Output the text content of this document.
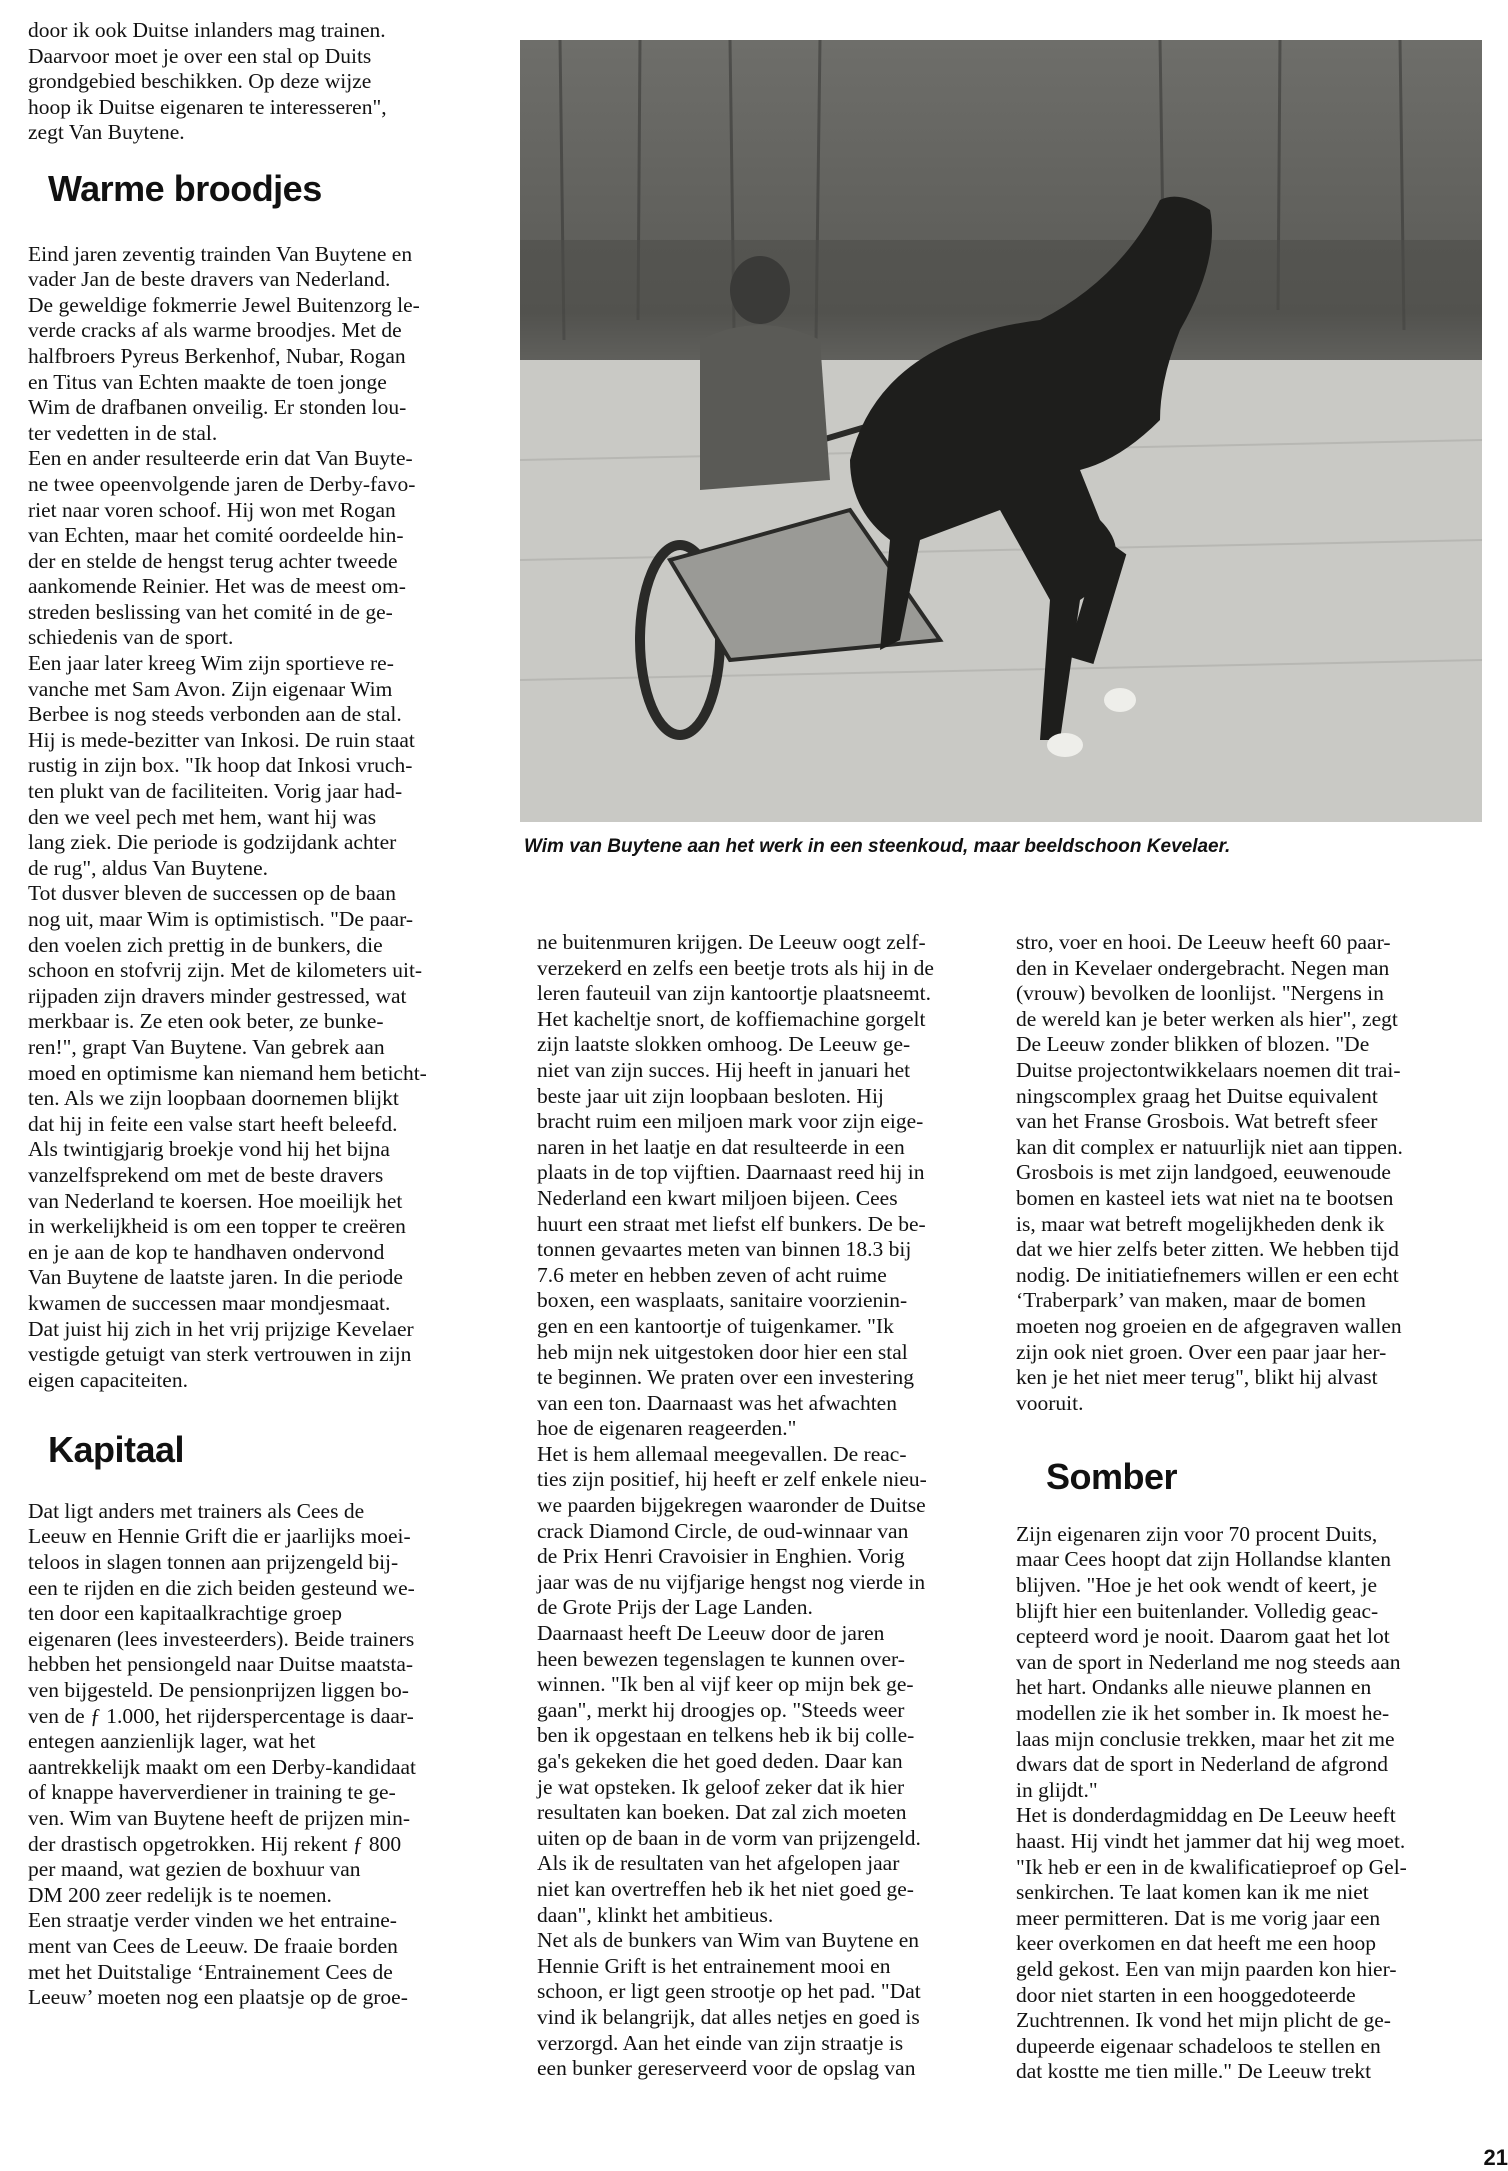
door ik ook Duitse inlanders mag trainen.

Daarvoor moet je over een stal op Duits

grondgebied beschikken. Op deze wijze

hoop ik Duitse eigenaren te interesseren",

zegt Van Buytene.

Warme broodjes

Eind jaren zeventig trainden Van Buytene en

vader Jan de beste dravers van Nederland.

De geweldige fokmerrie Jewel Buitenzorg le-

verde cracks af als warme broodjes. Met de

halfbroers Pyreus Berkenhof, Nubar, Rogan

en Titus van Echten maakte de toen jonge

Wim de drafbanen onveilig. Er stonden lou-

ter vedetten in de stal.

Een en ander resulteerde erin dat Van Buyte-

ne twee opeenvolgende jaren de Derby-favo-

riet naar voren schoof. Hij won met Rogan

van Echten, maar het comité oordeelde hin-

der en stelde de hengst terug achter tweede

aankomende Reinier. Het was de meest om-

streden beslissing van het comité in de ge-

schiedenis van de sport.

Een jaar later kreeg Wim zijn sportieve re-

vanche met Sam Avon. Zijn eigenaar Wim

Berbee is nog steeds verbonden aan de stal.

Hij is mede-bezitter van Inkosi. De ruin staat

rustig in zijn box. "Ik hoop dat Inkosi vruch-

ten plukt van de faciliteiten. Vorig jaar had-

den we veel pech met hem, want hij was

lang ziek. Die periode is godzijdank achter

de rug", aldus Van Buytene.

Tot dusver bleven de successen op de baan

nog uit, maar Wim is optimistisch. "De paar-

den voelen zich prettig in de bunkers, die

schoon en stofvrij zijn. Met de kilometers uit-

rijpaden zijn dravers minder gestressed, wat

merkbaar is. Ze eten ook beter, ze bunke-

ren!", grapt Van Buytene. Van gebrek aan

moed en optimisme kan niemand hem beticht-

ten. Als we zijn loopbaan doornemen blijkt

dat hij in feite een valse start heeft beleefd.

Als twintigjarig broekje vond hij het bijna

vanzelfsprekend om met de beste dravers

van Nederland te koersen. Hoe moeilijk het

in werkelijkheid is om een topper te creëren

en je aan de kop te handhaven ondervond

Van Buytene de laatste jaren. In die periode

kwamen de successen maar mondjesmaat.

Dat juist hij zich in het vrij prijzige Kevelaer

vestigde getuigt van sterk vertrouwen in zijn

eigen capaciteiten.

Kapitaal

Dat ligt anders met trainers als Cees de

Leeuw en Hennie Grift die er jaarlijks moei-

teloos in slagen tonnen aan prijzengeld bij-

een te rijden en die zich beiden gesteund we-

ten door een kapitaalkrachtige groep

eigenaren (lees investeerders). Beide trainers

hebben het pensiongeld naar Duitse maatsta-

ven bijgesteld. De pensionprijzen liggen bo-

ven de ƒ 1.000, het rijderspercentage is daar-

entegen aanzienlijk lager, wat het

aantrekkelijk maakt om een Derby-kandidaat

of knappe haververdiener in training te ge-

ven. Wim van Buytene heeft de prijzen min-

der drastisch opgetrokken. Hij rekent ƒ 800

per maand, wat gezien de boxhuur van

DM 200 zeer redelijk is te noemen.

Een straatje verder vinden we het entraine-

ment van Cees de Leeuw. De fraaie borden

met het Duitstalige ‘Entrainement Cees de

Leeuw’ moeten nog een plaatsje op de groe-

Wim van Buytene aan het werk in een steenkoud, maar beeldschoon Kevelaer.

ne buitenmuren krijgen. De Leeuw oogt zelf-

verzekerd en zelfs een beetje trots als hij in de

leren fauteuil van zijn kantoortje plaatsneemt.

Het kacheltje snort, de koffiemachine gorgelt

zijn laatste slokken omhoog. De Leeuw ge-

niet van zijn succes. Hij heeft in januari het

beste jaar uit zijn loopbaan besloten. Hij

bracht ruim een miljoen mark voor zijn eige-

naren in het laatje en dat resulteerde in een

plaats in de top vijftien. Daarnaast reed hij in

Nederland een kwart miljoen bijeen. Cees

huurt een straat met liefst elf bunkers. De be-

tonnen gevaartes meten van binnen 18.3 bij

7.6 meter en hebben zeven of acht ruime

boxen, een wasplaats, sanitaire voorzienin-

gen en een kantoortje of tuigenkamer. "Ik

heb mijn nek uitgestoken door hier een stal

te beginnen. We praten over een investering

van een ton. Daarnaast was het afwachten

hoe de eigenaren reageerden."

Het is hem allemaal meegevallen. De reac-

ties zijn positief, hij heeft er zelf enkele nieu-

we paarden bijgekregen waaronder de Duitse

crack Diamond Circle, de oud-winnaar van

de Prix Henri Cravoisier in Enghien. Vorig

jaar was de nu vijfjarige hengst nog vierde in

de Grote Prijs der Lage Landen.

Daarnaast heeft De Leeuw door de jaren

heen bewezen tegenslagen te kunnen over-

winnen. "Ik ben al vijf keer op mijn bek ge-

gaan", merkt hij droogjes op. "Steeds weer

ben ik opgestaan en telkens heb ik bij colle-

ga's gekeken die het goed deden. Daar kan

je wat opsteken. Ik geloof zeker dat ik hier

resultaten kan boeken. Dat zal zich moeten

uiten op de baan in de vorm van prijzengeld.

Als ik de resultaten van het afgelopen jaar

niet kan overtreffen heb ik het niet goed ge-

daan", klinkt het ambitieus.

Net als de bunkers van Wim van Buytene en

Hennie Grift is het entrainement mooi en

schoon, er ligt geen strootje op het pad. "Dat

vind ik belangrijk, dat alles netjes en goed is

verzorgd. Aan het einde van zijn straatje is

een bunker gereserveerd voor de opslag van

stro, voer en hooi. De Leeuw heeft 60 paar-

den in Kevelaer ondergebracht. Negen man

(vrouw) bevolken de loonlijst. "Nergens in

de wereld kan je beter werken als hier", zegt

De Leeuw zonder blikken of blozen. "De

Duitse projectontwikkelaars noemen dit trai-

ningscomplex graag het Duitse equivalent

van het Franse Grosbois. Wat betreft sfeer

kan dit complex er natuurlijk niet aan tippen.

Grosbois is met zijn landgoed, eeuwenoude

bomen en kasteel iets wat niet na te bootsen

is, maar wat betreft mogelijkheden denk ik

dat we hier zelfs beter zitten. We hebben tijd

nodig. De initiatiefnemers willen er een echt

‘Traberpark’ van maken, maar de bomen

moeten nog groeien en de afgegraven wallen

zijn ook niet groen. Over een paar jaar her-

ken je het niet meer terug", blikt hij alvast

vooruit.

Somber

Zijn eigenaren zijn voor 70 procent Duits,

maar Cees hoopt dat zijn Hollandse klanten

blijven. "Hoe je het ook wendt of keert, je

blijft hier een buitenlander. Volledig geac-

cepteerd word je nooit. Daarom gaat het lot

van de sport in Nederland me nog steeds aan

het hart. Ondanks alle nieuwe plannen en

modellen zie ik het somber in. Ik moest he-

laas mijn conclusie trekken, maar het zit me

dwars dat de sport in Nederland de afgrond

in glijdt."

Het is donderdagmiddag en De Leeuw heeft

haast. Hij vindt het jammer dat hij weg moet.

"Ik heb er een in de kwalificatieproef op Gel-

senkirchen. Te laat komen kan ik me niet

meer permitteren. Dat is me vorig jaar een

keer overkomen en dat heeft me een hoop

geld gekost. Een van mijn paarden kon hier-

door niet starten in een hooggedoteerde

Zuchtrennen. Ik vond het mijn plicht de ge-

dupeerde eigenaar schadeloos te stellen en

dat kostte me tien mille." De Leeuw trekt

21
